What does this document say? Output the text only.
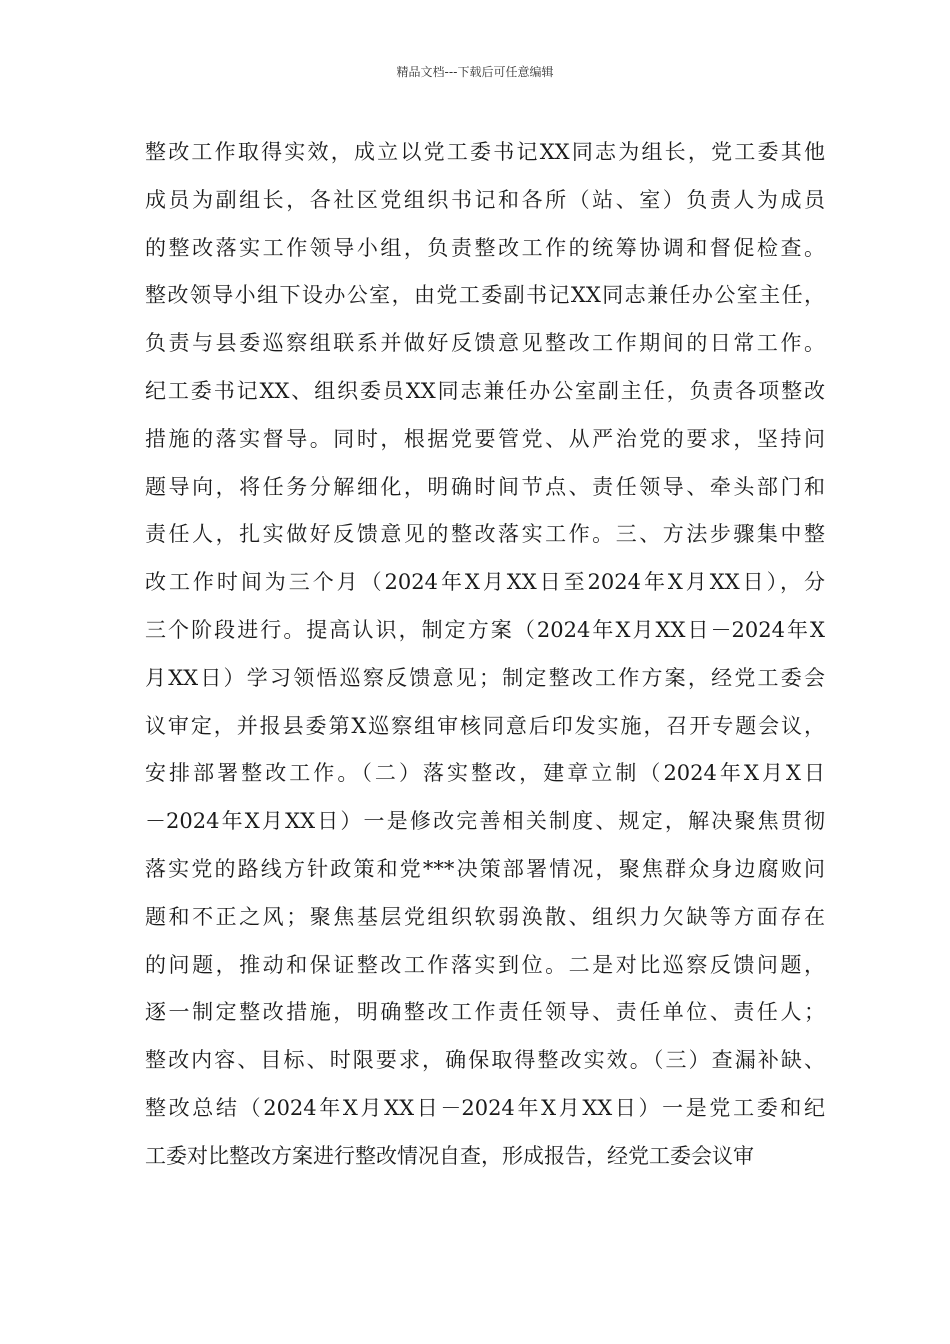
精品文档---下载后可任意编辑
整改工作取得实效，成立以党工委书记XX同志为组长，党工委其他
成员为副组长，各社区党组织书记和各所（站、室）负责人为成员
的整改落实工作领导小组，负责整改工作的统筹协调和督促检查。
整改领导小组下设办公室，由党工委副书记XX同志兼任办公室主任，
负责与县委巡察组联系并做好反馈意见整改工作期间的日常工作。
纪工委书记XX、组织委员XX同志兼任办公室副主任，负责各项整改
措施的落实督导。同时，根据党要管党、从严治党的要求，坚持问
题导向，将任务分解细化，明确时间节点、责任领导、牵头部门和
责任人，扎实做好反馈意见的整改落实工作。三、方法步骤集中整
改工作时间为三个月（2024年X月XX日至2024年X月XX日），分
三个阶段进行。提高认识，制定方案（2024年X月XX日－2024年X
月XX日）学习领悟巡察反馈意见；制定整改工作方案，经党工委会
议审定，并报县委第X巡察组审核同意后印发实施，召开专题会议，
安排部署整改工作。（二）落实整改，建章立制（2024年X月X日
－2024年X月XX日）一是修改完善相关制度、规定，解决聚焦贯彻
落实党的路线方针政策和党***决策部署情况，聚焦群众身边腐败问
题和不正之风；聚焦基层党组织软弱涣散、组织力欠缺等方面存在
的问题，推动和保证整改工作落实到位。二是对比巡察反馈问题，
逐一制定整改措施，明确整改工作责任领导、责任单位、责任人；
整改内容、目标、时限要求，确保取得整改实效。（三）查漏补缺、
整改总结（2024年X月XX日－2024年X月XX日）一是党工委和纪
工委对比整改方案进行整改情况自查，形成报告，经党工委会议审
